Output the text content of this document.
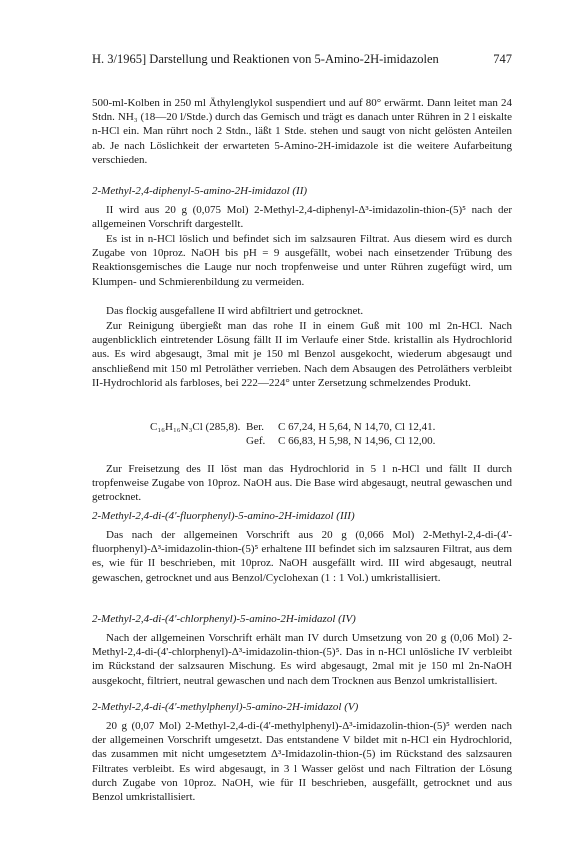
H. 3/1965] Darstellung und Reaktionen von 5-Amino-2H-imidazolen	747

500-ml-Kolben in 250 ml Äthylenglykol suspendiert und auf 80° erwärmt. Dann leitet man 24 Stdn. NH₃ (18—20 l/Stde.) durch das Gemisch und trägt es danach unter Rühren in 2 l eiskalte n-HCl ein. Man rührt noch 2 Stdn., läßt 1 Stde. stehen und saugt von nicht gelösten Anteilen ab. Je nach Löslichkeit der erwarteten 5-Amino-2H-imidazole ist die weitere Aufarbeitung verschieden.

2-Methyl-2,4-diphenyl-5-amino-2H-imidazol (II)

II wird aus 20 g (0,075 Mol) 2-Methyl-2,4-diphenyl-Δ³-imidazolin-thion-(5)⁵ nach der allgemeinen Vorschrift dargestellt.

Es ist in n-HCl löslich und befindet sich im salzsauren Filtrat. Aus diesem wird es durch Zugabe von 10proz. NaOH bis pH = 9 ausgefällt, wobei nach einsetzender Trübung des Reaktionsgemisches die Lauge nur noch tropfenweise und unter Rühren zugefügt wird, um Klumpen- und Schmierenbildung zu vermeiden.

Das flockig ausgefallene II wird abfiltriert und getrocknet.

Zur Reinigung übergießt man das rohe II in einem Guß mit 100 ml 2n-HCl. Nach augenblicklich eintretender Lösung fällt II im Verlaufe einer Stde. kristallin als Hydrochlorid aus. Es wird abgesaugt, 3mal mit je 150 ml Benzol ausgekocht, wiederum abgesaugt und anschließend mit 150 ml Petroläther verrieben. Nach dem Absaugen des Petroläthers verbleibt II-Hydrochlorid als farbloses, bei 222—224° unter Zersetzung schmelzendes Produkt.

C₁₆H₁₆N₃Cl (285,8). Ber. C 67,24, H 5,64, N 14,70, Cl 12,41.
Gef. C 66,83, H 5,98, N 14,96, Cl 12,00.

Zur Freisetzung des II löst man das Hydrochlorid in 5 l n-HCl und fällt II durch tropfenweise Zugabe von 10proz. NaOH aus. Die Base wird abgesaugt, neutral gewaschen und getrocknet.

2-Methyl-2,4-di-(4'-fluorphenyl)-5-amino-2H-imidazol (III)

Das nach der allgemeinen Vorschrift aus 20 g (0,066 Mol) 2-Methyl-2,4-di-(4'-fluorphenyl)-Δ³-imidazolin-thion-(5)⁵ erhaltene III befindet sich im salzsauren Filtrat, aus dem es, wie für II beschrieben, mit 10proz. NaOH ausgefällt wird. III wird abgesaugt, neutral gewaschen, getrocknet und aus Benzol/Cyclohexan (1 : 1 Vol.) umkristallisiert.

2-Methyl-2,4-di-(4'-chlorphenyl)-5-amino-2H-imidazol (IV)

Nach der allgemeinen Vorschrift erhält man IV durch Umsetzung von 20 g (0,06 Mol) 2-Methyl-2,4-di-(4'-chlorphenyl)-Δ³-imidazolin-thion-(5)⁵. Das in n-HCl unlösliche IV verbleibt im Rückstand der salzsauren Mischung. Es wird abgesaugt, 2mal mit je 150 ml 2n-NaOH ausgekocht, filtriert, neutral gewaschen und nach dem Trocknen aus Benzol umkristallisiert.

2-Methyl-2,4-di-(4'-methylphenyl)-5-amino-2H-imidazol (V)

20 g (0,07 Mol) 2-Methyl-2,4-di-(4'-methylphenyl)-Δ³-imidazolin-thion-(5)⁵ werden nach der allgemeinen Vorschrift umgesetzt. Das entstandene V bildet mit n-HCl ein Hydrochlorid, das zusammen mit nicht umgesetztem Δ³-Imidazolin-thion-(5) im Rückstand des salzsauren Filtrates verbleibt. Es wird abgesaugt, in 3 l Wasser gelöst und nach Filtration der Lösung durch Zugabe von 10proz. NaOH, wie für II beschrieben, ausgefällt, getrocknet und aus Benzol umkristallisiert.
